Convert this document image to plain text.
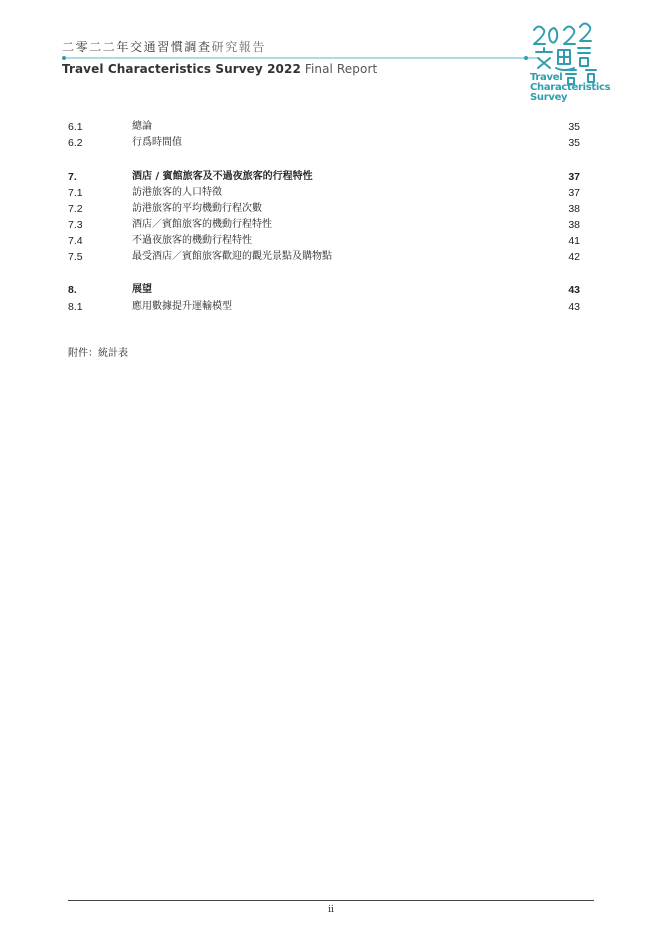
二零二二年交通習慣調查研究報告
Travel Characteristics Survey 2022 Final Report
Travel
Characteristics
Survey
6.1	總論	35
6.2	行爲時間值	35
7.	酒店 / 賓館旅客及不過夜旅客的行程特性	37
7.1	訪港旅客的人口特徵	37
7.2	訪港旅客的平均機動行程次數	38
7.3	酒店／賓館旅客的機動行程特性	38
7.4	不過夜旅客的機動行程特性	41
7.5	最受酒店／賓館旅客歡迎的觀光景點及購物點	42
8.	展望	43
8.1	應用數據提升運輸模型	43
附件：統計表
ii
